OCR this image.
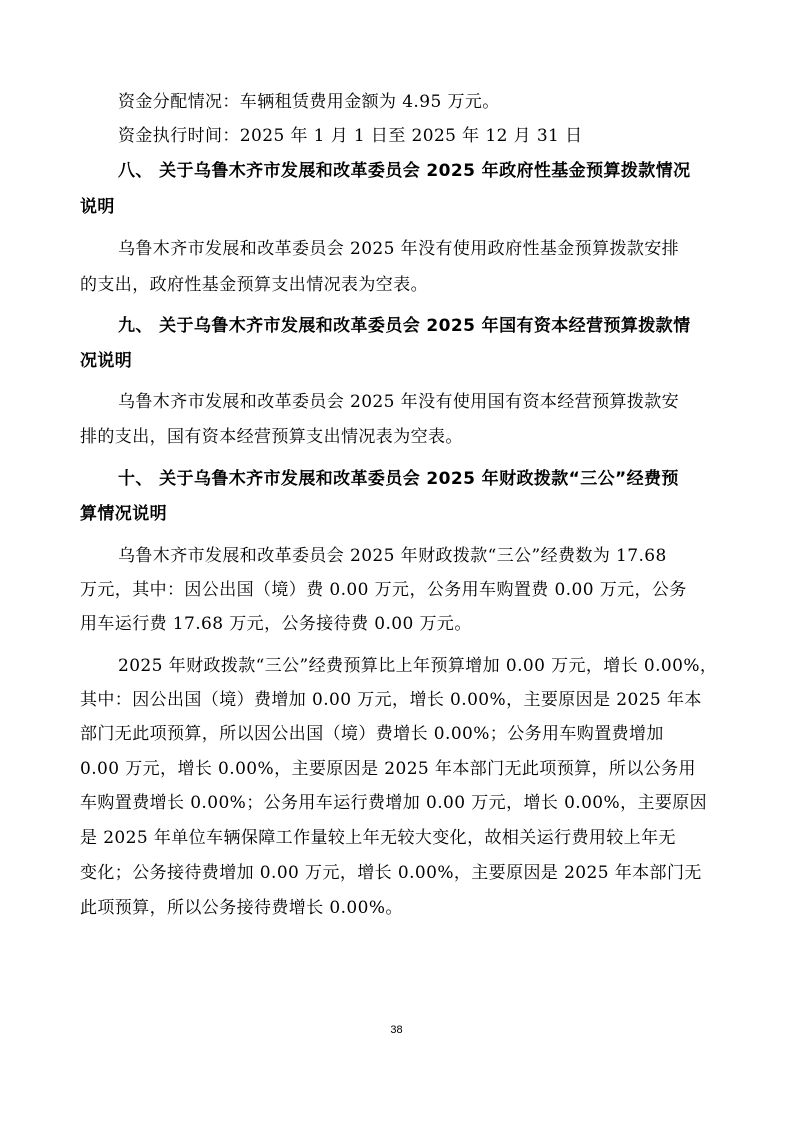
资金分配情况：车辆租赁费用金额为 4.95 万元。
资金执行时间：2025 年 1 月 1 日至 2025 年 12 月 31 日
八、 关于乌鲁木齐市发展和改革委员会 2025 年政府性基金预算拨款情况
说明
乌鲁木齐市发展和改革委员会 2025 年没有使用政府性基金预算拨款安排
的支出，政府性基金预算支出情况表为空表。
九、 关于乌鲁木齐市发展和改革委员会 2025 年国有资本经营预算拨款情
况说明
乌鲁木齐市发展和改革委员会 2025 年没有使用国有资本经营预算拨款安
排的支出，国有资本经营预算支出情况表为空表。
十、 关于乌鲁木齐市发展和改革委员会 2025 年财政拨款“三公”经费预
算情况说明
乌鲁木齐市发展和改革委员会 2025 年财政拨款“三公”经费数为 17.68
万元，其中：因公出国（境）费 0.00 万元，公务用车购置费 0.00 万元，公务
用车运行费 17.68 万元，公务接待费 0.00 万元。
2025 年财政拨款“三公”经费预算比上年预算增加 0.00 万元，增长 0.00%，
其中：因公出国（境）费增加 0.00 万元，增长 0.00%，主要原因是 2025 年本
部门无此项预算，所以因公出国（境）费增长 0.00%；公务用车购置费增加
0.00 万元，增长 0.00%，主要原因是 2025 年本部门无此项预算，所以公务用
车购置费增长 0.00%；公务用车运行费增加 0.00 万元，增长 0.00%，主要原因
是 2025 年单位车辆保障工作量较上年无较大变化，故相关运行费用较上年无
变化；公务接待费增加 0.00 万元，增长 0.00%，主要原因是 2025 年本部门无
此项预算，所以公务接待费增长 0.00%。
38
